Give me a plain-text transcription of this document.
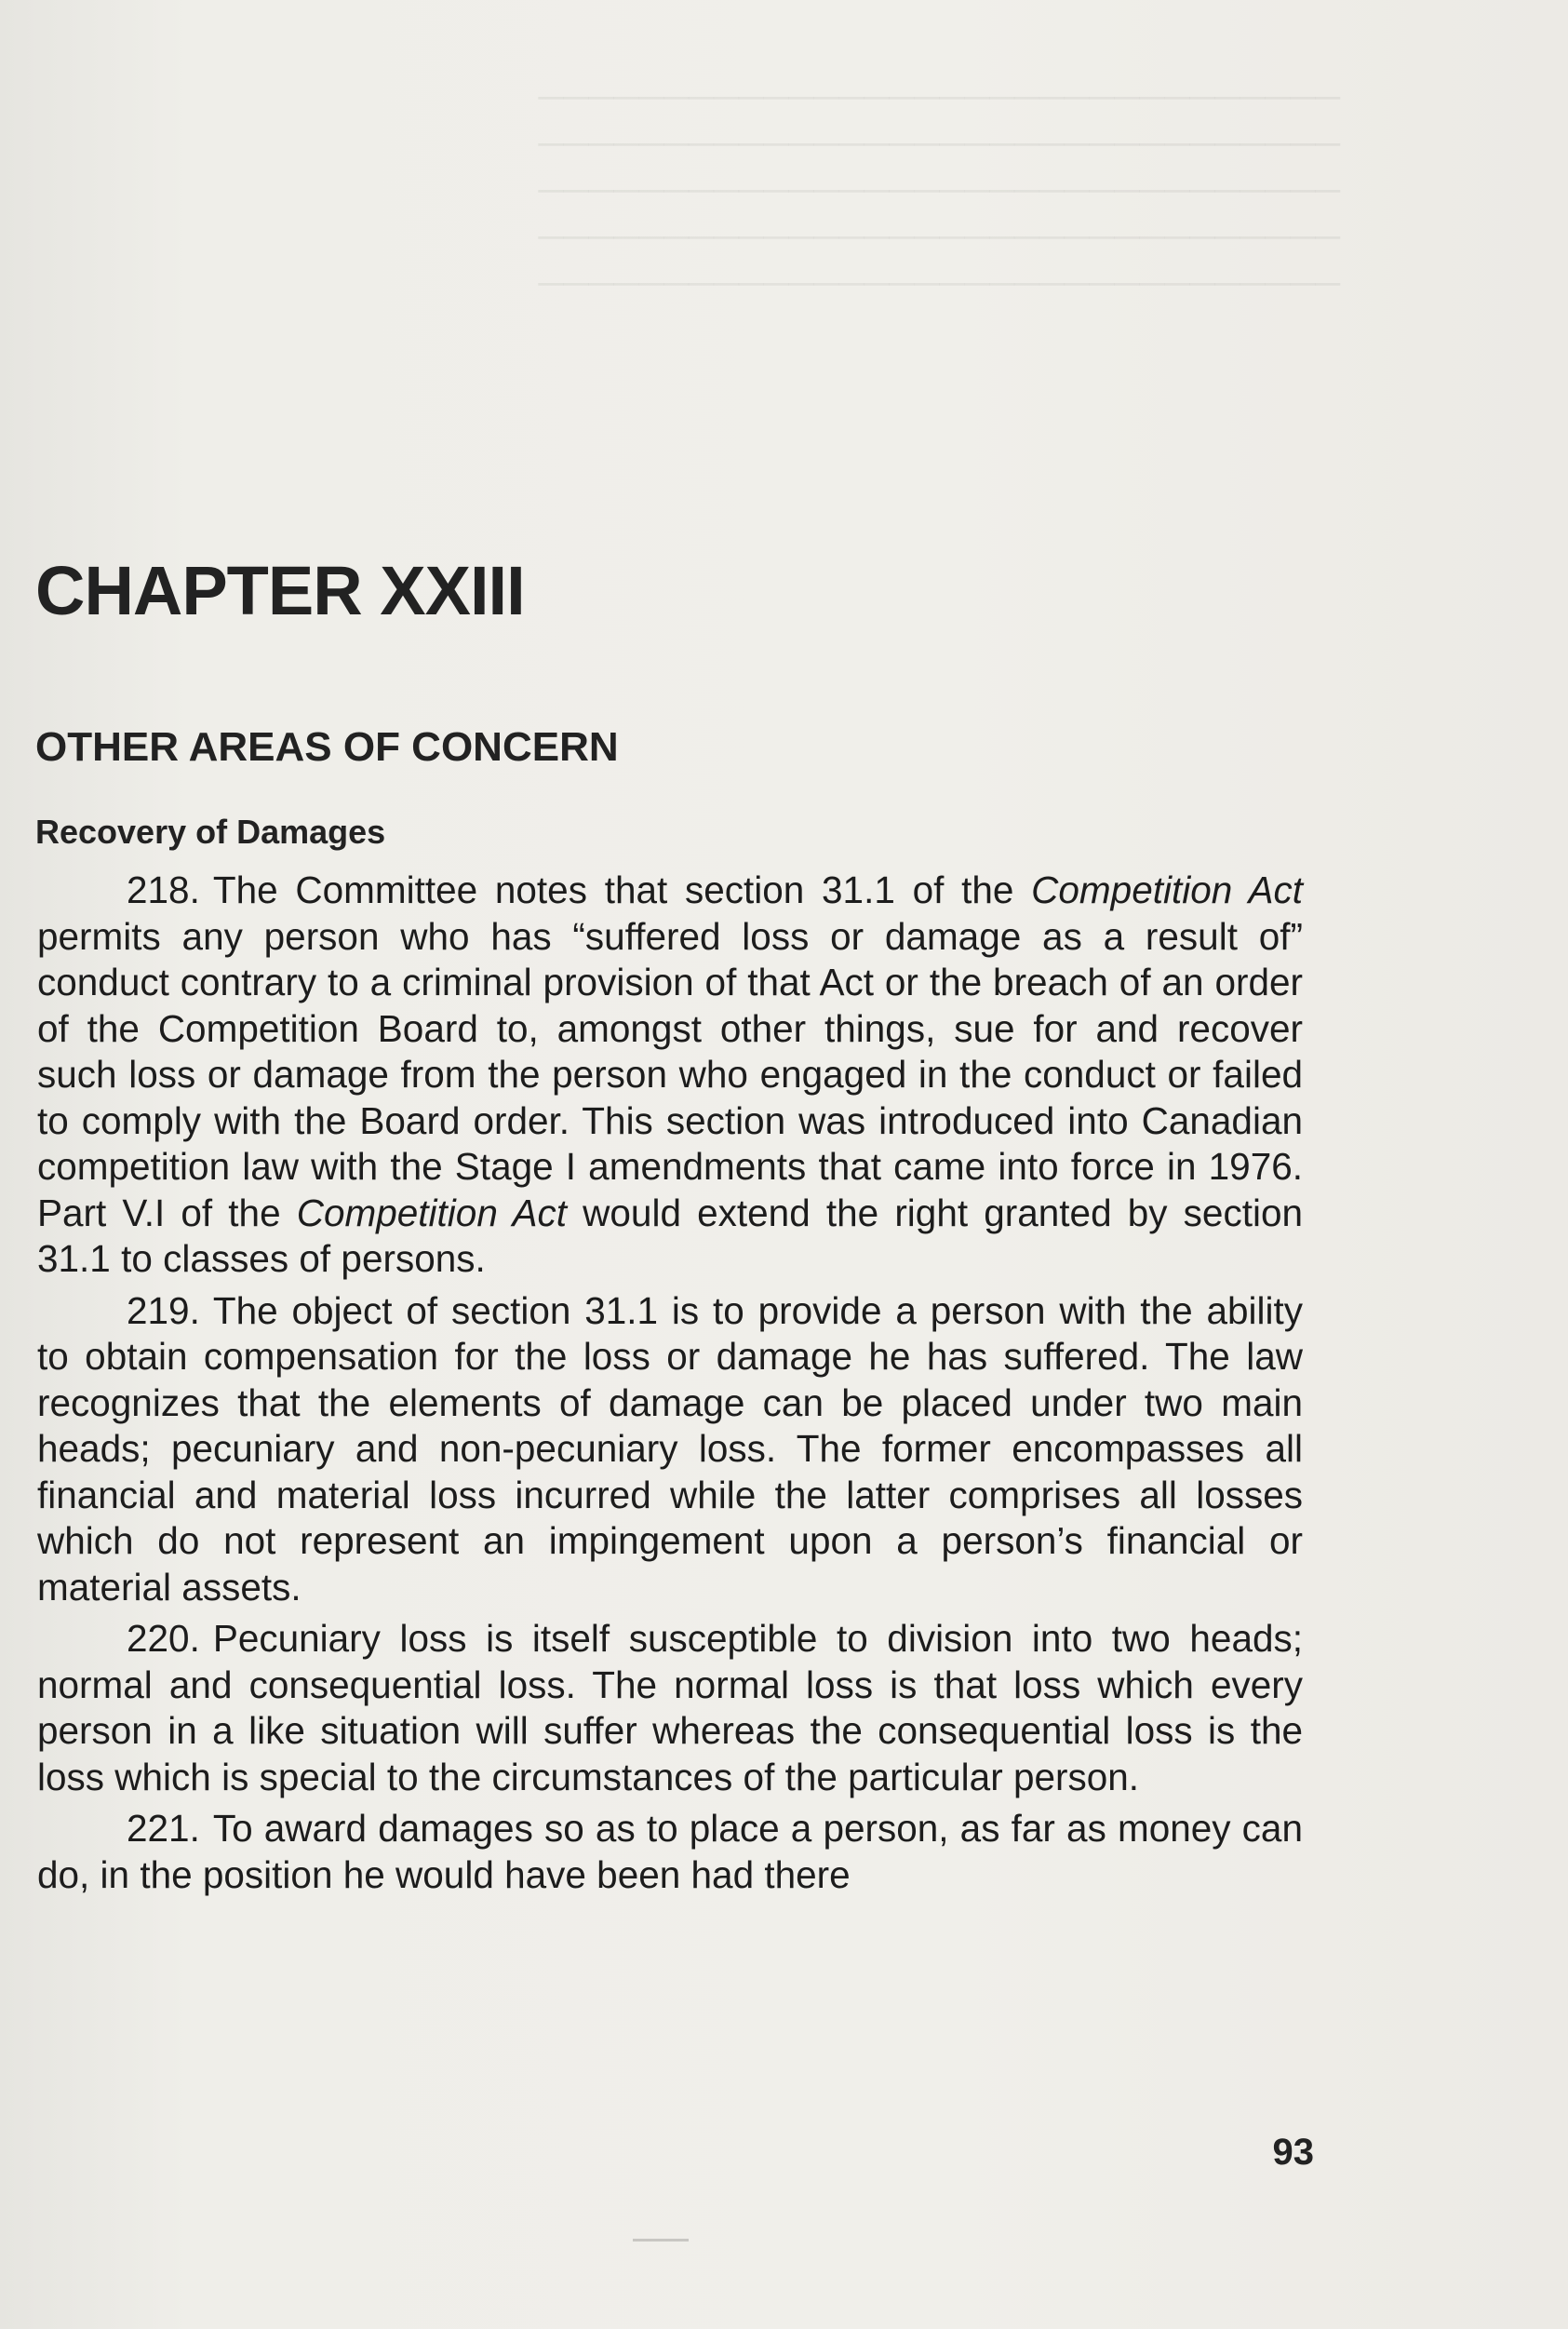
────────────────────────────────
────────────────────────────────
────────────────────────────────
────────────────────────────────
────────────────────────────────
CHAPTER XXIII
OTHER AREAS OF CONCERN
Recovery of Damages

218. The Committee notes that section 31.1 of the Competition Act permits any person who has “suffered loss or damage as a result of” conduct contrary to a criminal provision of that Act or the breach of an order of the Competition Board to, amongst other things, sue for and recover such loss or damage from the person who engaged in the conduct or failed to comply with the Board order. This section was introduced into Canadian competition law with the Stage I amendments that came into force in 1976. Part V.I of the Competition Act would extend the right granted by section 31.1 to classes of persons.

219. The object of section 31.1 is to provide a person with the ability to obtain compensation for the loss or damage he has suffered. The law recognizes that the elements of damage can be placed under two main heads; pecuniary and non-pecuniary loss. The former encompasses all financial and material loss incurred while the latter comprises all losses which do not represent an impingement upon a person’s financial or material assets.

220. Pecuniary loss is itself susceptible to division into two heads; normal and consequential loss. The normal loss is that loss which every person in a like situation will suffer whereas the consequential loss is the loss which is special to the circumstances of the particular person.

221. To award damages so as to place a person, as far as money can do, in the position he would have been had there

93
